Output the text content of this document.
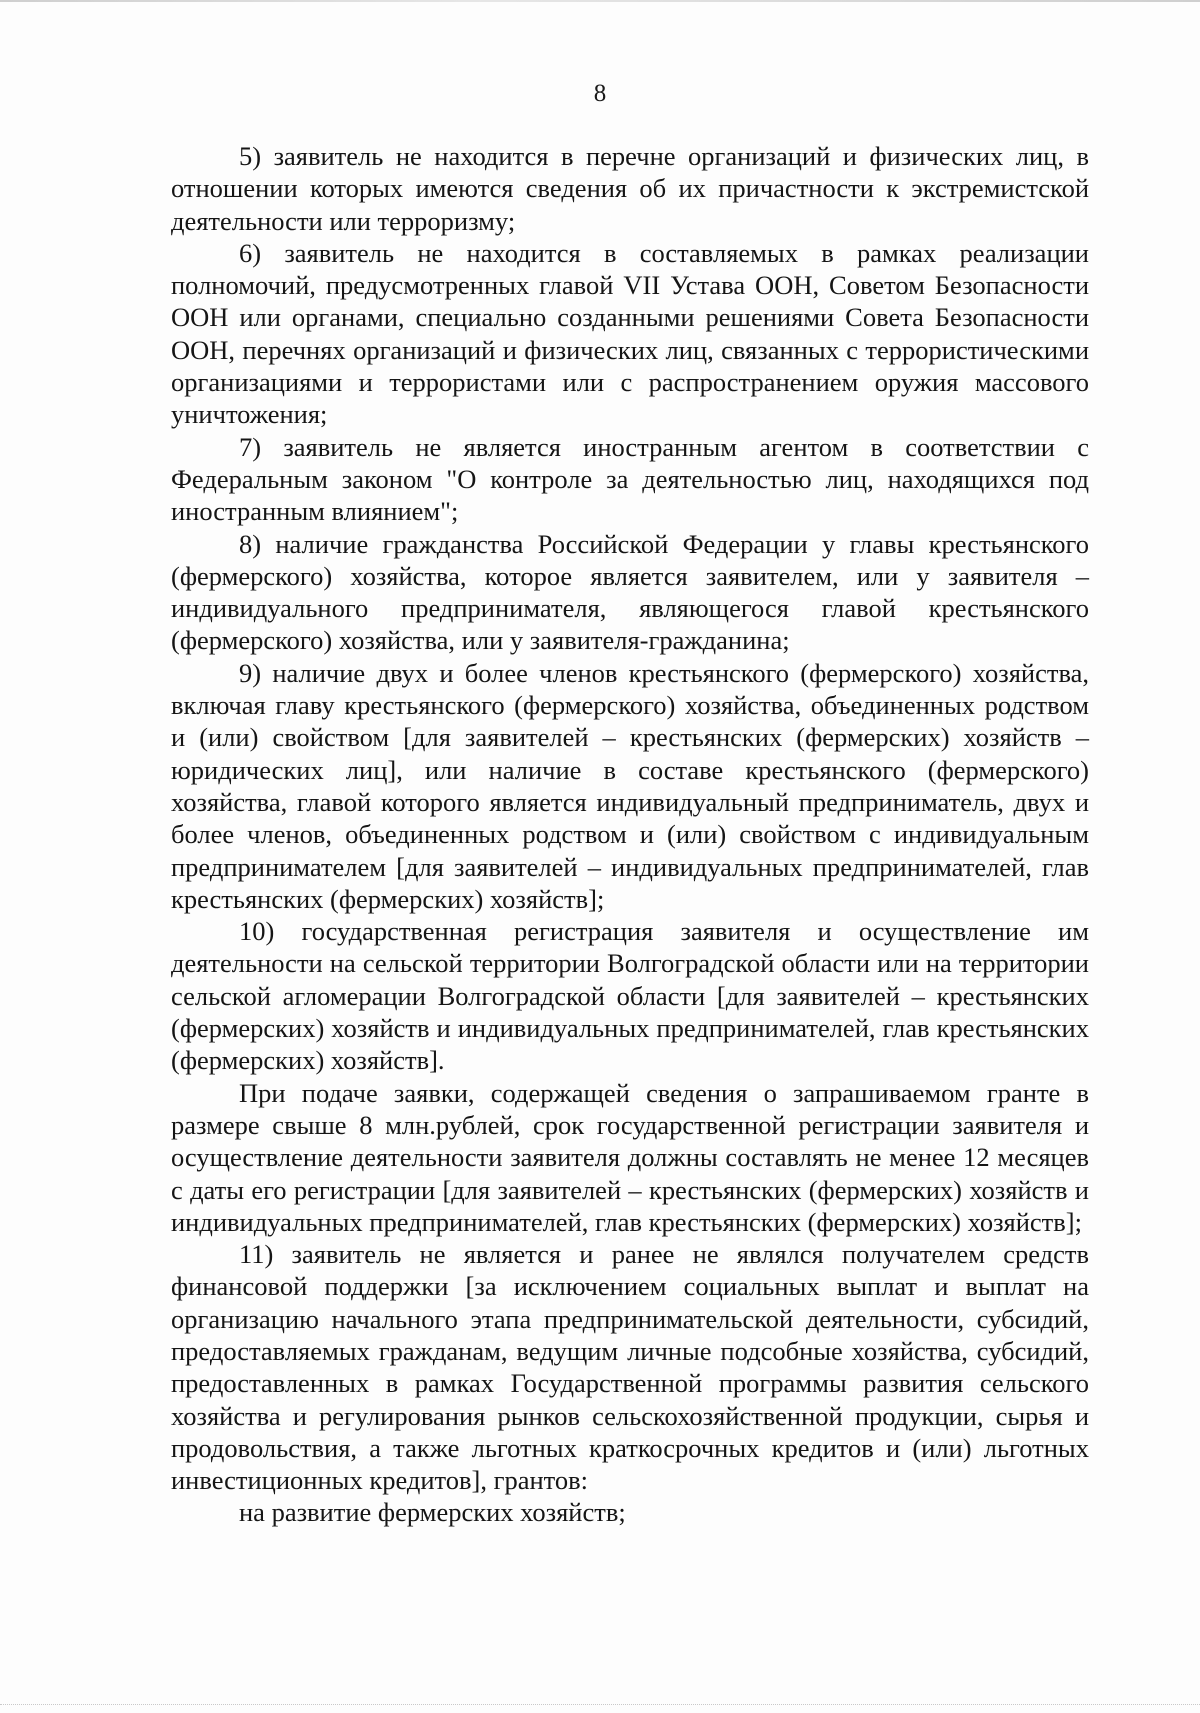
8

5) заявитель не находится в перечне организаций и физических лиц, в отношении которых имеются сведения об их причастности к экстремистской деятельности или терроризму;

6) заявитель не находится в составляемых в рамках реализации полномочий, предусмотренных главой VII Устава ООН, Советом Безопасности ООН или органами, специально созданными решениями Совета Безопасности ООН, перечнях организаций и физических лиц, связанных с террористическими организациями и террористами или с распространением оружия массового уничтожения;

7) заявитель не является иностранным агентом в соответствии с Федеральным законом "О контроле за деятельностью лиц, находящихся под иностранным влиянием";

8) наличие гражданства Российской Федерации у главы крестьянского (фермерского) хозяйства, которое является заявителем, или у заявителя – индивидуального предпринимателя, являющегося главой крестьянского (фермерского) хозяйства, или у заявителя-гражданина;

9) наличие двух и более членов крестьянского (фермерского) хозяйства, включая главу крестьянского (фермерского) хозяйства, объединенных родством и (или) свойством [для заявителей – крестьянских (фермерских) хозяйств – юридических лиц], или наличие в составе крестьянского (фермерского) хозяйства, главой которого является индивидуальный предприниматель, двух и более членов, объединенных родством и (или) свойством с индивидуальным предпринимателем [для заявителей – индивидуальных предпринимателей, глав крестьянских (фермерских) хозяйств];

10) государственная регистрация заявителя и осуществление им деятельности на сельской территории Волгоградской области или на территории сельской агломерации Волгоградской области [для заявителей – крестьянских (фермерских) хозяйств и индивидуальных предпринимателей, глав крестьянских (фермерских) хозяйств].

При подаче заявки, содержащей сведения о запрашиваемом гранте в размере свыше 8 млн.рублей, срок государственной регистрации заявителя и осуществление деятельности заявителя должны составлять не менее 12 месяцев с даты его регистрации [для заявителей – крестьянских (фермерских) хозяйств и индивидуальных предпринимателей, глав крестьянских (фермерских) хозяйств];

11) заявитель не является и ранее не являлся получателем средств финансовой поддержки [за исключением социальных выплат и выплат на организацию начального этапа предпринимательской деятельности, субсидий, предоставляемых гражданам, ведущим личные подсобные хозяйства, субсидий, предоставленных в рамках Государственной программы развития сельского хозяйства и регулирования рынков сельскохозяйственной продукции, сырья и продовольствия, а также льготных краткосрочных кредитов и (или) льготных инвестиционных кредитов], грантов:

на развитие фермерских хозяйств;
